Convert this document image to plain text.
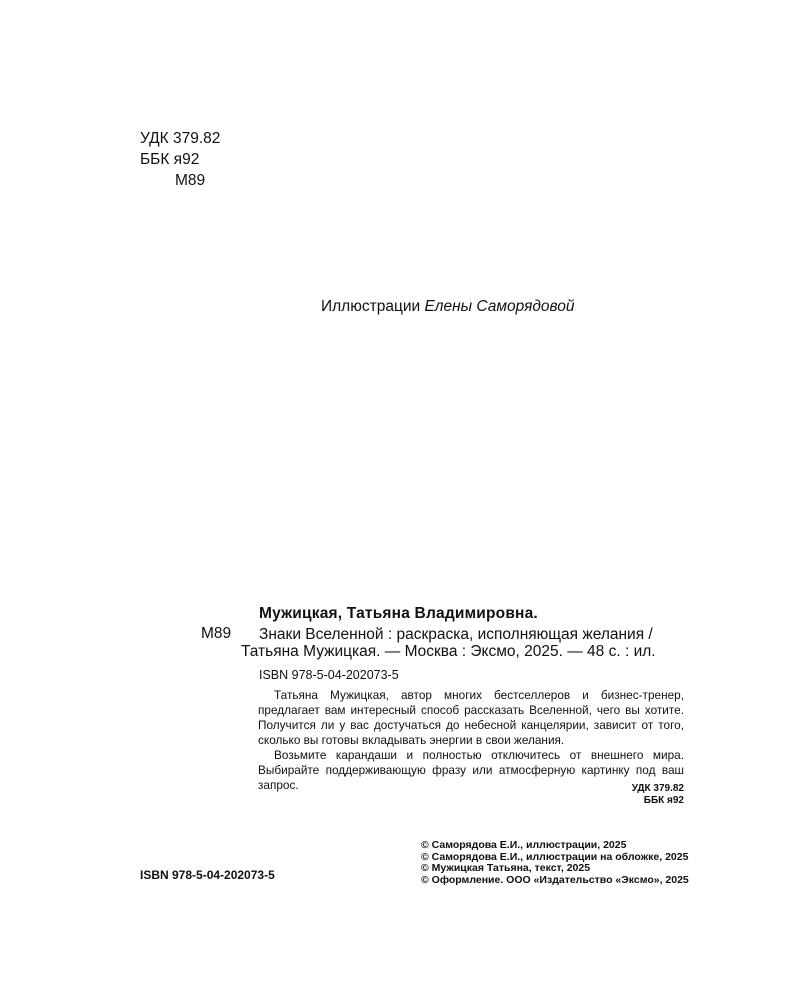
УДК 379.82
ББК я92
М89
Иллюстрации Елены Саморядовой
Мужицкая, Татьяна Владимировна.
М89 Знаки Вселенной : раскраска, исполняющая желания /
Татьяна Мужицкая. — Москва : Эксмо, 2025. — 48 с. : ил.
ISBN 978-5-04-202073-5

Татьяна Мужицкая, автор многих бестселлеров и бизнес-тренер, предлагает вам интересный способ рассказать Вселенной, чего вы хотите. Получится ли у вас достучаться до небесной канцелярии, зависит от того, сколько вы готовы вкладывать энергии в свои желания.

Возьмите карандаши и полностью отключитесь от внешнего мира. Выбирайте поддерживающую фразу или атмосферную картинку под ваш запрос.	УДК 379.82
ББК я92
ISBN 978-5-04-202073-5
© Саморядова Е.И., иллюстрации, 2025
© Саморядова Е.И., иллюстрации на обложке, 2025
© Мужицкая Татьяна, текст, 2025
© Оформление. ООО «Издательство «Эксмо», 2025
